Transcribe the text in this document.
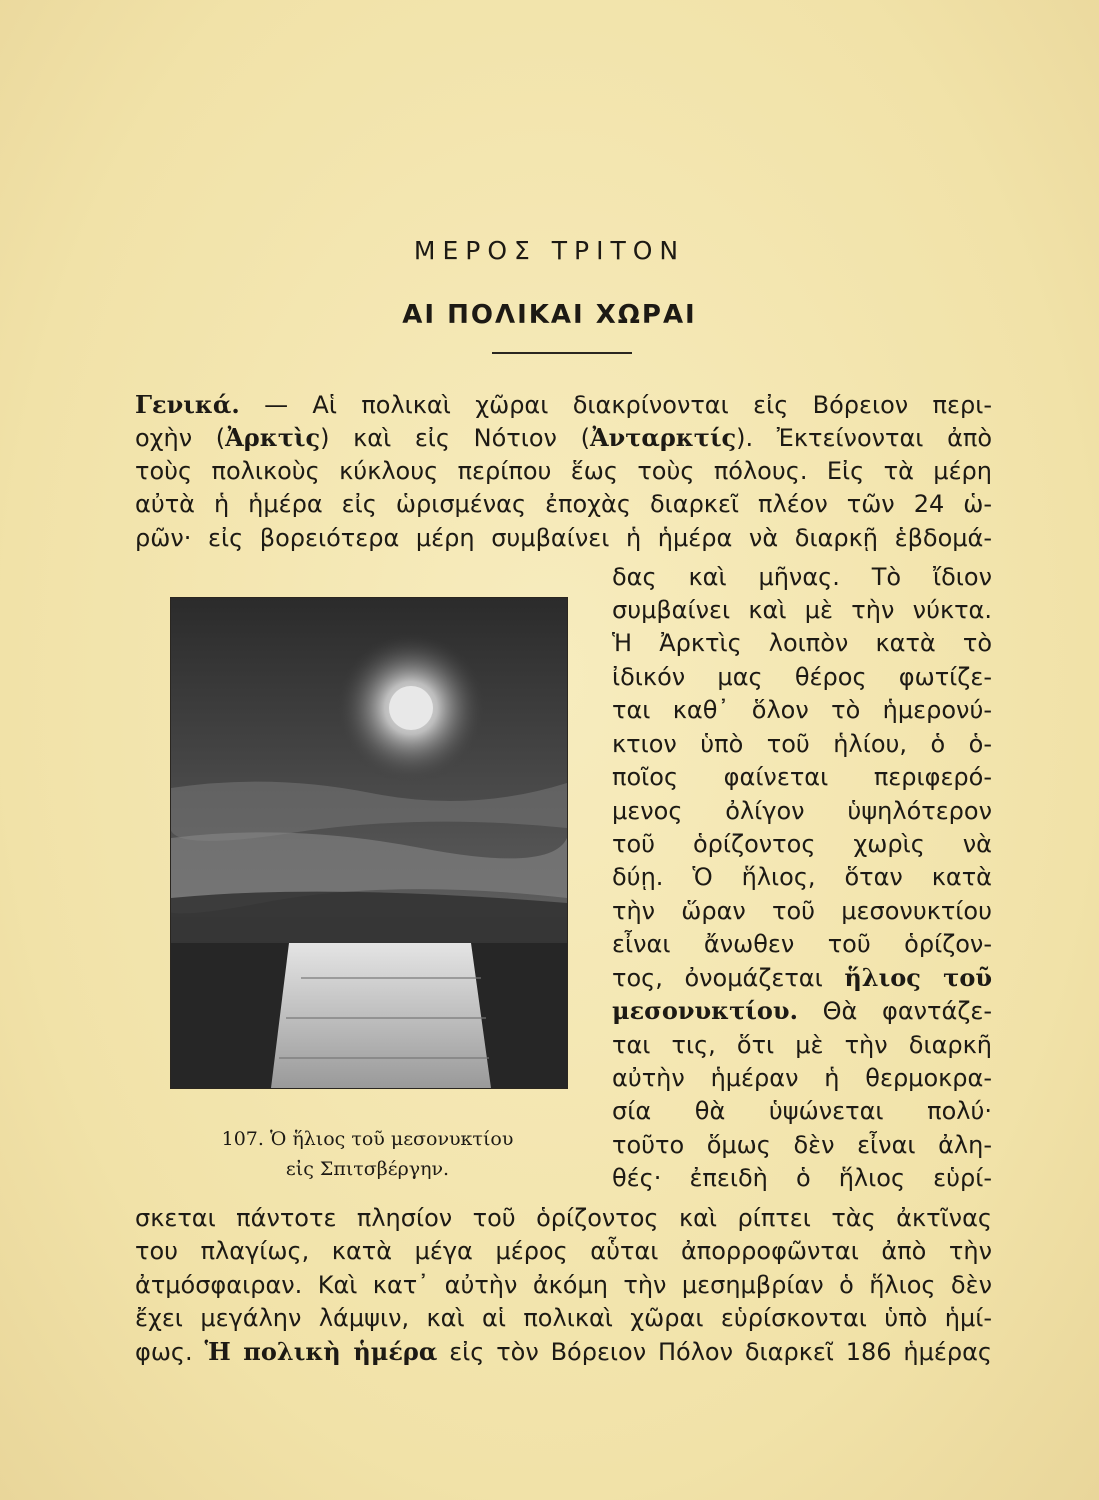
ΜΕΡΟΣ ΤΡΙΤΟΝ
ΑΙ ΠΟΛΙΚΑΙ ΧΩΡΑΙ
Γενικά. — Αἱ πολικαὶ χῶραι διακρίνονται εἰς Βόρειον περι-
οχὴν (Ἀρκτὶς) καὶ εἰς Νότιον (Ἀνταρκτίς). Ἐκτείνονται ἀπὸ
τοὺς πολικοὺς κύκλους περίπου ἕως τοὺς πόλους. Εἰς τὰ μέρη
αὐτὰ ἡ ἡμέρα εἰς ὡρισμένας ἐποχὰς διαρκεῖ πλέον τῶν 24 ὡ-
ρῶν· εἰς βορειότερα μέρη συμβαίνει ἡ ἡμέρα νὰ διαρκῇ ἑβδομά-
δας καὶ μῆνας. Τὸ ἴδιον
συμβαίνει καὶ μὲ τὴν νύκτα.
Ἡ Ἀρκτὶς λοιπὸν κατὰ τὸ
ἰδικόν μας θέρος φωτίζε-
ται καθ᾿ ὅλον τὸ ἡμερονύ-
κτιον ὑπὸ τοῦ ἡλίου, ὁ ὁ-
ποῖος φαίνεται περιφερό-
μενος ὀλίγον ὑψηλότερον
τοῦ ὁρίζοντος χωρὶς νὰ
δύῃ. Ὁ ἥλιος, ὅταν κατὰ
τὴν ὥραν τοῦ μεσονυκτίου
εἶναι ἄνωθεν τοῦ ὁρίζον-
τος, ὀνομάζεται ἥλιος τοῦ
μεσονυκτίου. Θὰ φαντάζε-
ται τις, ὅτι μὲ τὴν διαρκῆ
αὐτὴν ἡμέραν ἡ θερμοκρα-
σία θὰ ὑψώνεται πολύ·
τοῦτο ὅμως δὲν εἶναι ἀλη-
θές· ἐπειδὴ ὁ ἥλιος εὑρί-
σκεται πάντοτε πλησίον τοῦ ὁρίζοντος καὶ ρίπτει τὰς ἀκτῖνας
του πλαγίως, κατὰ μέγα μέρος αὗται ἀπορροφῶνται ἀπὸ τὴν
ἀτμόσφαιραν. Καὶ κατ᾿ αὐτὴν ἀκόμη τὴν μεσημβρίαν ὁ ἥλιος δὲν
ἔχει μεγάλην λάμψιν, καὶ αἱ πολικαὶ χῶραι εὑρίσκονται ὑπὸ ἡμί-
φως. Ἡ πολικὴ ἡμέρα εἰς τὸν Βόρειον Πόλον διαρκεῖ 186 ἡμέρας
107. Ὁ ἥλιος τοῦ μεσονυκτίου
εἰς Σπιτσβέργην.
